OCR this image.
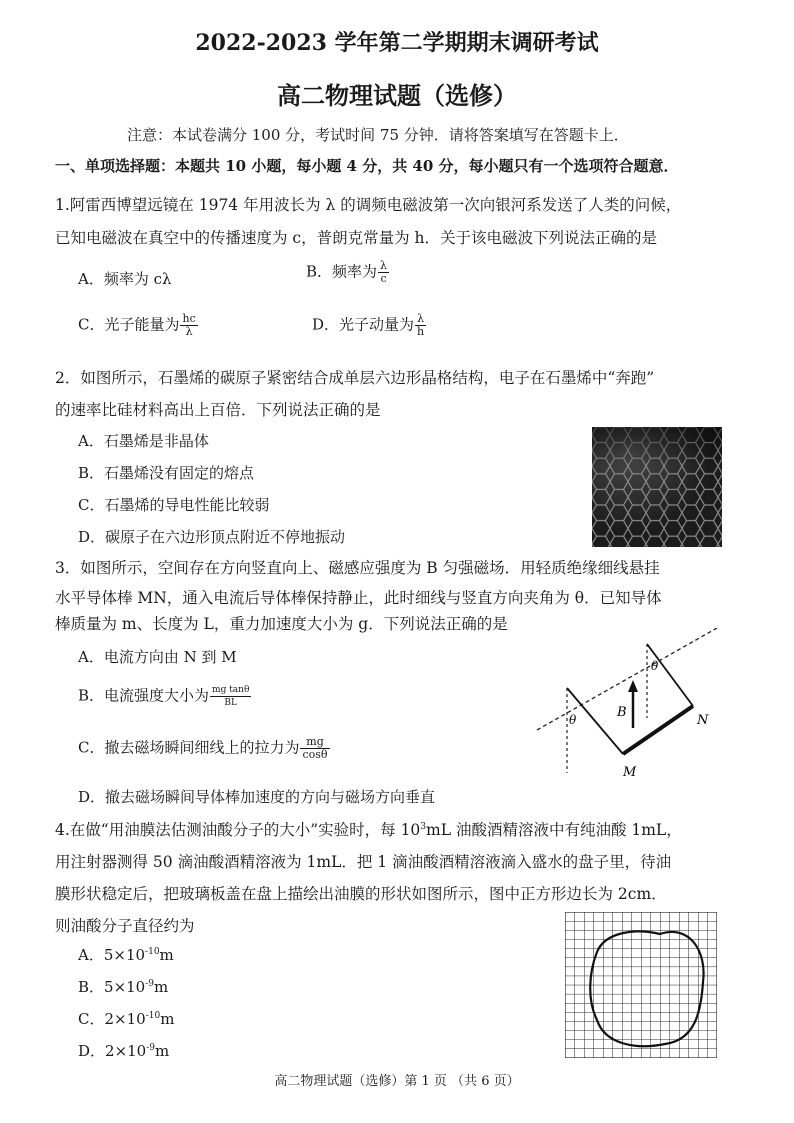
2022-2023 学年第二学期期末调研考试
高二物理试题（选修）
注意：本试卷满分 100 分，考试时间 75 分钟．请将答案填写在答题卡上．
一、单项选择题：本题共 10 小题，每小题 4 分，共 40 分，每小题只有一个选项符合题意．
1.阿雷西博望远镜在 1974 年用波长为 λ 的调频电磁波第一次向银河系发送了人类的问候，
已知电磁波在真空中的传播速度为 c，普朗克常量为 h．关于该电磁波下列说法正确的是
A．频率为 cλ	B．频率为 $\frac{\lambda}{c}$
C．光子能量为 $\frac{hc}{\lambda}$	D．光子动量为 $\frac{\lambda}{h}$
2．如图所示，石墨烯的碳原子紧密结合成单层六边形晶格结构，电子在石墨烯中“奔跑”
的速率比硅材料高出上百倍．下列说法正确的是
A．石墨烯是非晶体
B．石墨烯没有固定的熔点
C．石墨烯的导电性能比较弱
D．碳原子在六边形顶点附近不停地振动
3．如图所示，空间存在方向竖直向上、磁感应强度为 B 匀强磁场．用轻质绝缘细线悬挂
水平导体棒 MN，通入电流后导体棒保持静止，此时细线与竖直方向夹角为 θ．已知导体
棒质量为 m、长度为 L，重力加速度大小为 g．下列说法正确的是
A．电流方向由 N 到 M
B．电流强度大小为 $\frac{\text{mg tanθ}}{BL}$
C．撤去磁场瞬间细线上的拉力为 $\frac{mg}{\cos\theta}$
D．撤去磁场瞬间导体棒加速度的方向与磁场方向垂直
B
θ
θ
N
M
4.在做“用油膜法估测油酸分子的大小”实验时，每 $10^3mL$ 油酸酒精溶液中有纯油酸 1mL，
用注射器测得 50 滴油酸酒精溶液为 1mL．把 1 滴油酸酒精溶液滴入盛水的盘子里，待油
膜形状稳定后，把玻璃板盖在盘上描绘出油膜的形状如图所示，图中正方形边长为 2cm．
则油酸分子直径约为
A．$5\times 10^{-10}m$
B．$5\times 10^{-9}m$
C．$2\times 10^{-10}m$
D．$2\times 10^{-9}m$
高二物理试题（选修）第 1 页 （共 6 页）
